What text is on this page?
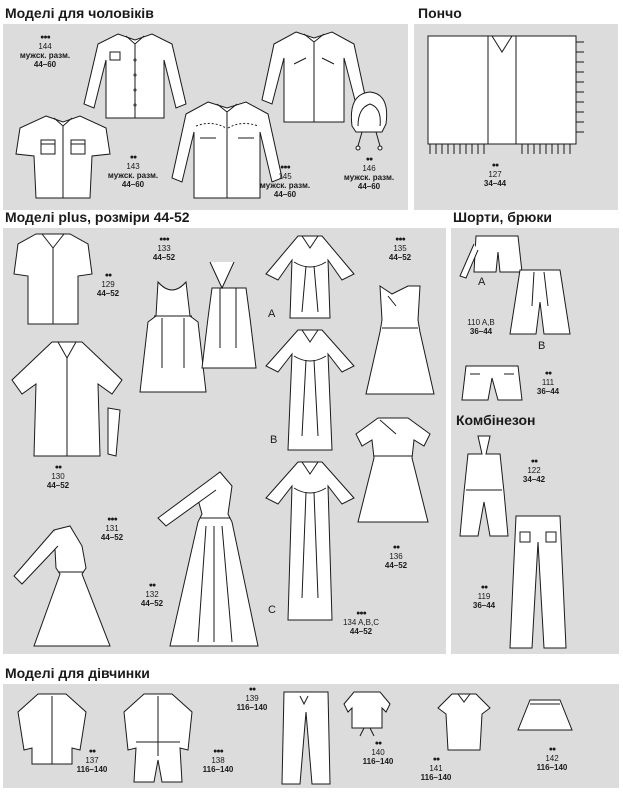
Моделі для чоловіків	Пончо
Моделі plus, розміри 44-52	Шорти, брюки
Комбінезон
Моделі для дівчинки
●●●
144
мужск. разм.
44–60
●●
143
мужск. разм.
44–60
●●●
145
мужск. разм.
44–60
●●
146
мужск. разм.
44–60
●●
127
34–44
●●
129
44–52
●●
130
44–52
●●●
131
44–52
●●●
133
44–52
●●
132
44–52
A
B
C	●●●
134 A,B,C
44–52
●●●
135
44–52
●●
136
44–52
A
B
110 A,B
36–44
●●
111
36–44
●●
122
34–42
●●
119
36–44
●●
137
116–140
●●●
138
116–140
●●
139
116–140
●●
140
116–140	●●
141
116–140
●●
142
116–140
